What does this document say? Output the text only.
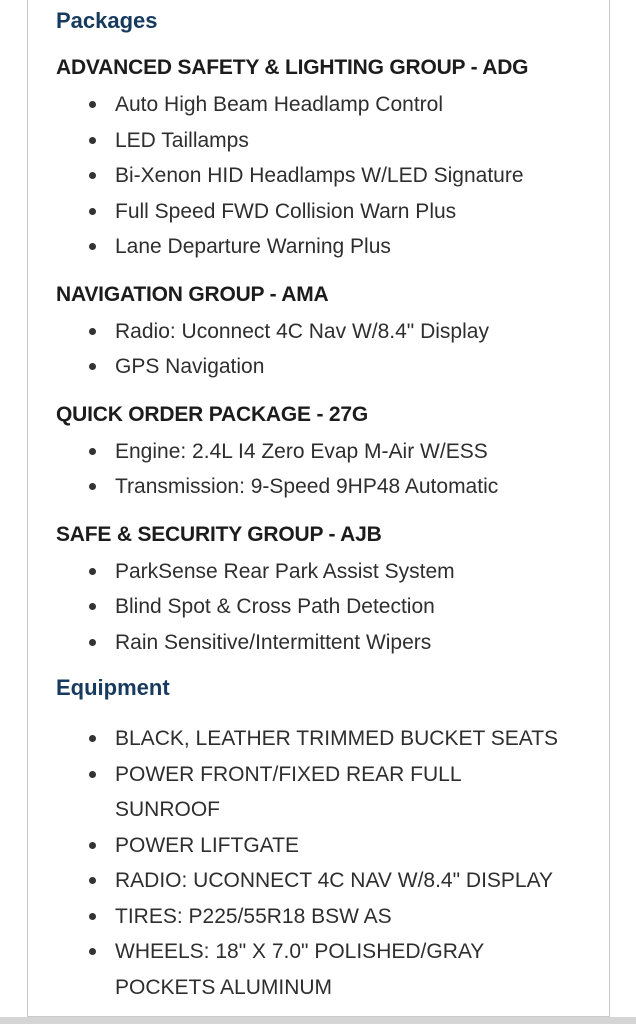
Packages
ADVANCED SAFETY & LIGHTING GROUP - ADG
Auto High Beam Headlamp Control
LED Taillamps
Bi-Xenon HID Headlamps W/LED Signature
Full Speed FWD Collision Warn Plus
Lane Departure Warning Plus
NAVIGATION GROUP - AMA
Radio: Uconnect 4C Nav W/8.4" Display
GPS Navigation
QUICK ORDER PACKAGE - 27G
Engine: 2.4L I4 Zero Evap M-Air W/ESS
Transmission: 9-Speed 9HP48 Automatic
SAFE & SECURITY GROUP - AJB
ParkSense Rear Park Assist System
Blind Spot & Cross Path Detection
Rain Sensitive/Intermittent Wipers
Equipment
BLACK, LEATHER TRIMMED BUCKET SEATS
POWER FRONT/FIXED REAR FULL SUNROOF
POWER LIFTGATE
RADIO: UCONNECT 4C NAV W/8.4" DISPLAY
TIRES: P225/55R18 BSW AS
WHEELS: 18" X 7.0" POLISHED/GRAY POCKETS ALUMINUM
